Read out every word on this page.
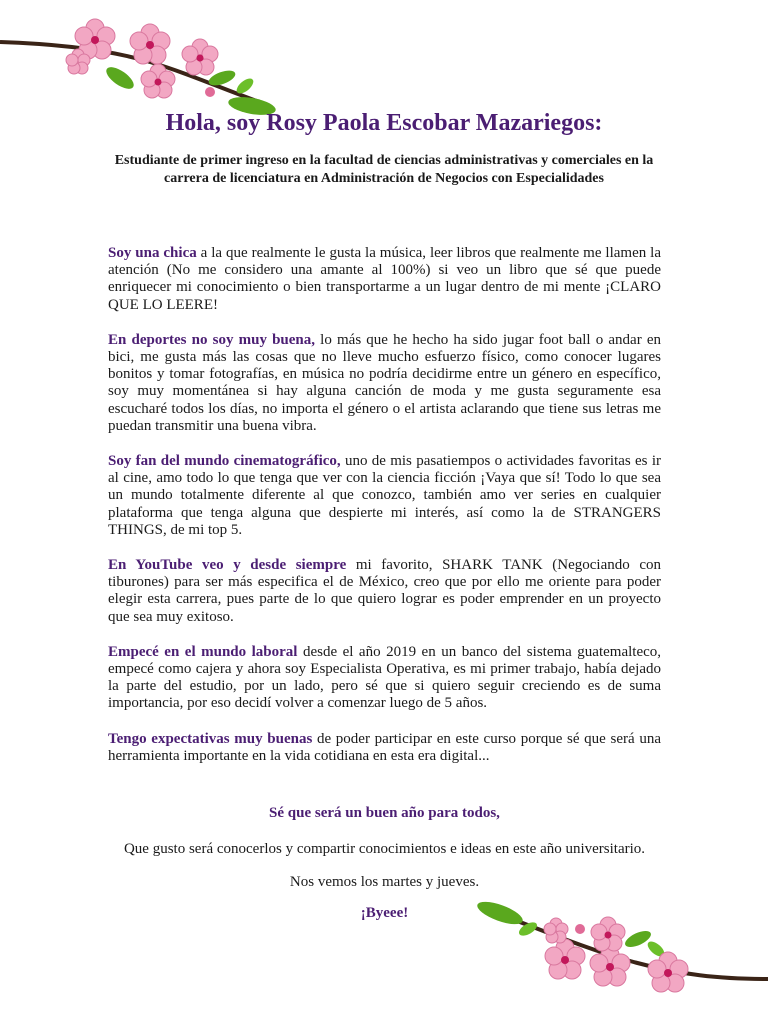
Hola, soy Rosy Paola Escobar Mazariegos:
Estudiante de primer ingreso en la facultad de ciencias administrativas y comerciales en la carrera de licenciatura en Administración de Negocios con Especialidades

Soy una chica a la que realmente le gusta la música, leer libros que realmente me llamen la atención (No me considero una amante al 100%) si veo un libro que sé que puede enriquecer mi conocimiento o bien transportarme a un lugar dentro de mi mente ¡CLARO QUE LO LEERE!

En deportes no soy muy buena, lo más que he hecho ha sido jugar foot ball o andar en bici, me gusta más las cosas que no lleve mucho esfuerzo físico, como conocer lugares bonitos y tomar fotografías, en música no podría decidirme entre un género en específico, soy muy momentánea si hay alguna canción de moda y me gusta seguramente esa escucharé todos los días, no importa el género o el artista aclarando que tiene sus letras me puedan transmitir una buena vibra.

Soy fan del mundo cinematográfico, uno de mis pasatiempos o actividades favoritas es ir al cine, amo todo lo que tenga que ver con la ciencia ficción ¡Vaya que sí! Todo lo que sea un mundo totalmente diferente al que conozco, también amo ver series en cualquier plataforma que tenga alguna que despierte mi interés, así como la de STRANGERS THINGS, de mi top 5.

En YouTube veo y desde siempre mi favorito, SHARK TANK (Negociando con tiburones) para ser más especifica el de México, creo que por ello me oriente para poder elegir esta carrera, pues parte de lo que quiero lograr es poder emprender en un proyecto que sea muy exitoso.

Empecé en el mundo laboral desde el año 2019 en un banco del sistema guatemalteco, empecé como cajera y ahora soy Especialista Operativa, es mi primer trabajo, había dejado la parte del estudio, por un lado, pero sé que si quiero seguir creciendo es de suma importancia, por eso decidí volver a comenzar luego de 5 años.

Tengo expectativas muy buenas de poder participar en este curso porque sé que será una herramienta importante en la vida cotidiana en esta era digital...

Sé que será un buen año para todos,

Que gusto será conocerlos y compartir conocimientos e ideas en este año universitario.

Nos vemos los martes y jueves.

¡Byeee!
